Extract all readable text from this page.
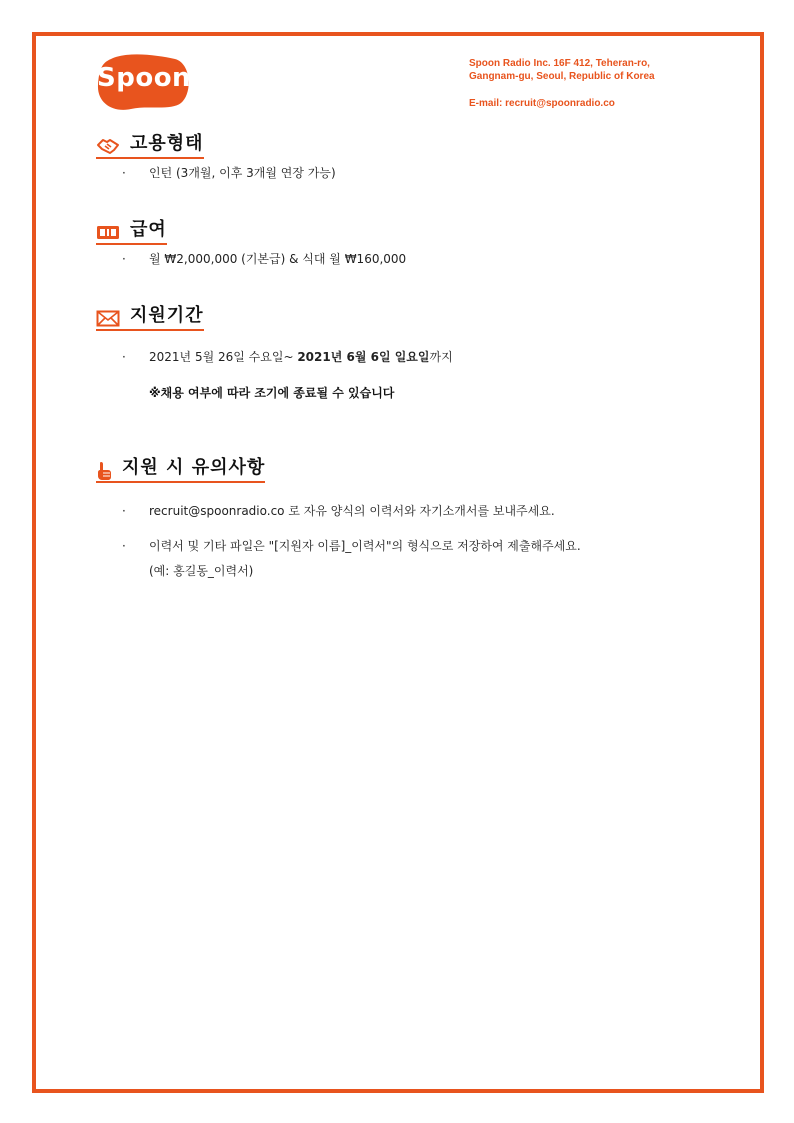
Spoon	Spoon Radio Inc. 16F 412, Teheran-ro,
Gangnam-gu, Seoul, Republic of Korea
E-mail: recruit@spoonradio.co
고용형태
· 인턴 (3개월, 이후 3개월 연장 가능)
급여
· 월 ₩2,000,000 (기본급) & 식대 월 ₩160,000
지원기간
· 2021년 5월 26일 수요일~ 2021년 6월 6일 일요일까지
※채용 여부에 따라 조기에 종료될 수 있습니다
지원 시 유의사항
· recruit@spoonradio.co 로 자유 양식의 이력서와 자기소개서를 보내주세요.
· 이력서 및 기타 파일은 "[지원자 이름]_이력서"의 형식으로 저장하여 제출해주세요.
(예: 홍길동_이력서)
